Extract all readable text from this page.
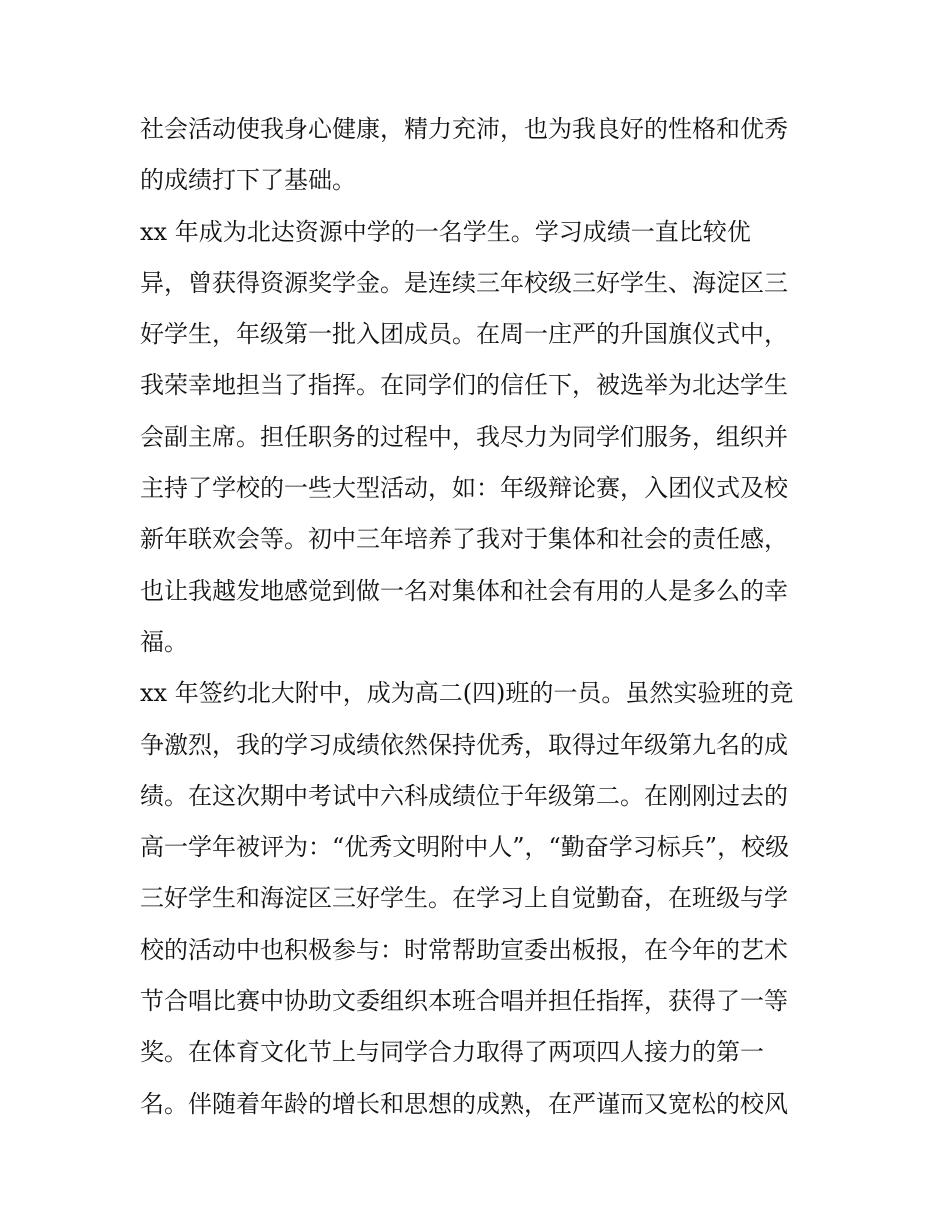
社会活动使我身心健康，精力充沛，也为我良好的性格和优秀
的成绩打下了基础。
xx 年成为北达资源中学的一名学生。学习成绩一直比较优
异，曾获得资源奖学金。是连续三年校级三好学生、海淀区三
好学生，年级第一批入团成员。在周一庄严的升国旗仪式中，
我荣幸地担当了指挥。在同学们的信任下，被选举为北达学生
会副主席。担任职务的过程中，我尽力为同学们服务，组织并
主持了学校的一些大型活动，如：年级辩论赛，入团仪式及校
新年联欢会等。初中三年培养了我对于集体和社会的责任感，
也让我越发地感觉到做一名对集体和社会有用的人是多么的幸
福。
xx 年签约北大附中，成为高二(四)班的一员。虽然实验班的竞
争激烈，我的学习成绩依然保持优秀，取得过年级第九名的成
绩。在这次期中考试中六科成绩位于年级第二。在刚刚过去的
高一学年被评为：“优秀文明附中人”，“勤奋学习标兵”，校级
三好学生和海淀区三好学生。在学习上自觉勤奋，在班级与学
校的活动中也积极参与：时常帮助宣委出板报，在今年的艺术
节合唱比赛中协助文委组织本班合唱并担任指挥，获得了一等
奖。在体育文化节上与同学合力取得了两项四人接力的第一
名。伴随着年龄的增长和思想的成熟，在严谨而又宽松的校风
